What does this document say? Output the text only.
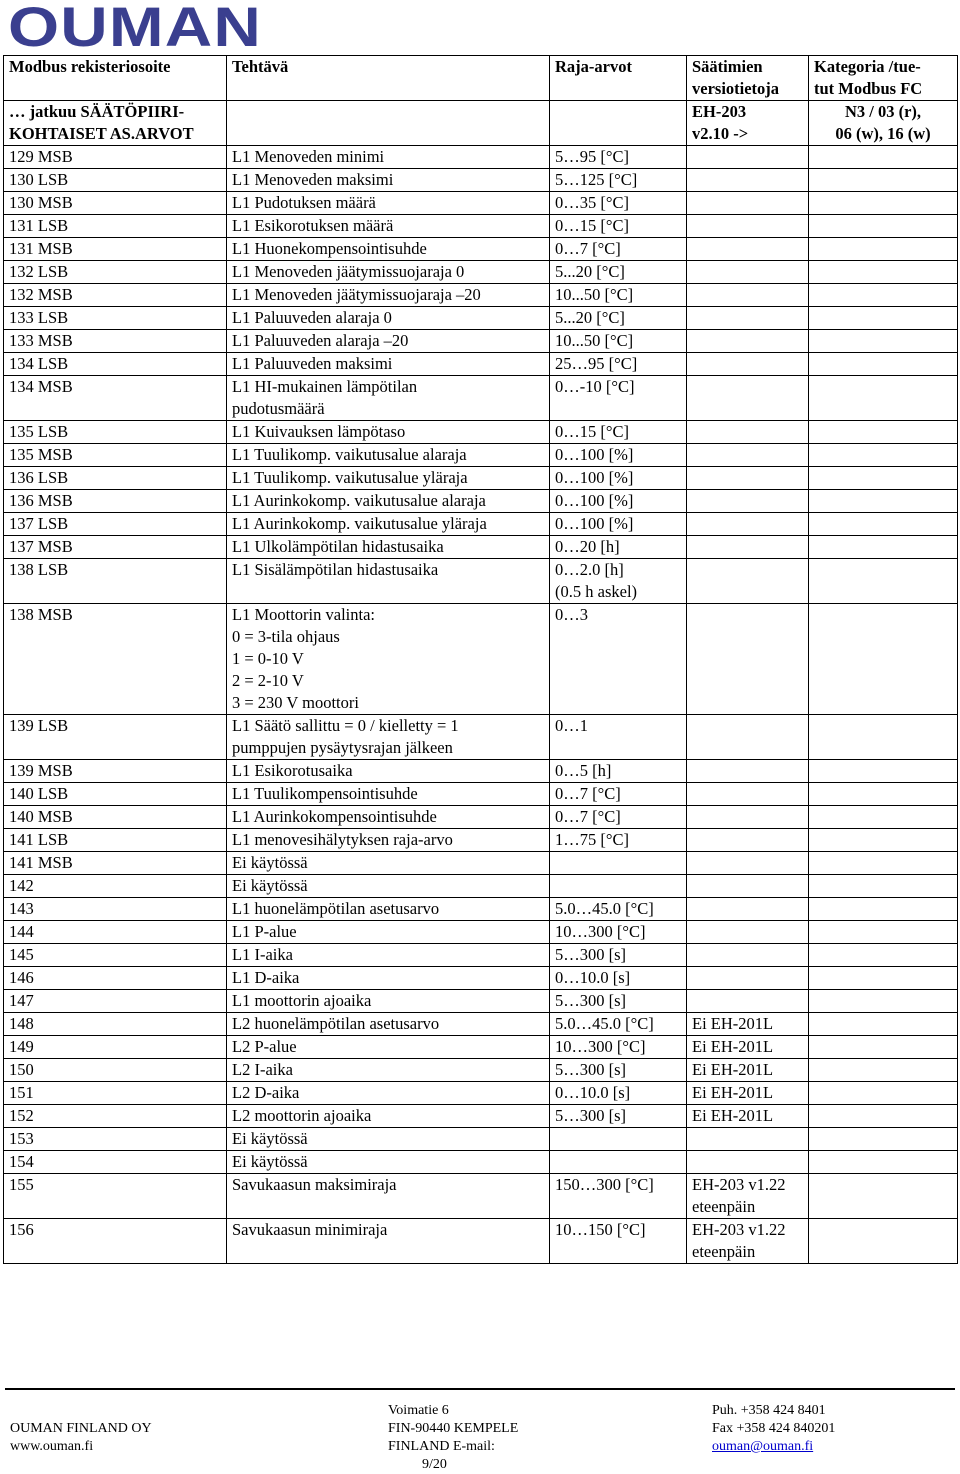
OUMAN
Modbus rekisteriosoite	Tehtävä	Raja-arvot	Säätimien
versiotietoja	Kategoria /tue-
tut Modbus FC

… jatkuu SÄÄTÖPIIRI-
KOHTAISET AS.ARVOT			EH-203
v2.10 ->	N3 / 03 (r),
06 (w), 16 (w)

129 MSB	L1 Menoveden minimi	5…95 [°C]		

130 LSB	L1 Menoveden maksimi	5…125 [°C]		

130 MSB	L1 Pudotuksen määrä	0…35 [°C]		

131 LSB	L1 Esikorotuksen määrä	0…15 [°C]		

131 MSB	L1 Huonekompensointisuhde	0…7 [°C]		

132 LSB	L1 Menoveden jäätymissuojaraja 0	5...20 [°C]		

132 MSB	L1 Menoveden jäätymissuojaraja –20	10...50 [°C]		

133 LSB	L1 Paluuveden alaraja 0	5...20 [°C]		

133 MSB	L1 Paluuveden alaraja –20	10...50 [°C]		

134 LSB	L1 Paluuveden maksimi	25…95 [°C]		

134 MSB	L1 HI-mukainen lämpötilan
pudotusmäärä	0…-10 [°C]		

135 LSB	L1 Kuivauksen lämpötaso	0…15 [°C]		

135 MSB	L1 Tuulikomp. vaikutusalue alaraja	0…100 [%]		

136 LSB	L1 Tuulikomp. vaikutusalue yläraja	0…100 [%]		

136 MSB	L1 Aurinkokomp. vaikutusalue alaraja	0…100 [%]		

137 LSB	L1 Aurinkokomp. vaikutusalue yläraja	0…100 [%]		

137 MSB	L1 Ulkolämpötilan hidastusaika	0…20 [h]		

138 LSB	L1 Sisälämpötilan hidastusaika	0…2.0 [h]
(0.5 h askel)		

138 MSB	L1 Moottorin valinta:
0 = 3-tila ohjaus
1 = 0-10 V
2 = 2-10 V
3 = 230 V moottori	0…3		

139 LSB	L1 Säätö sallittu = 0 / kielletty = 1
pumppujen pysäytysrajan jälkeen	0…1		

139 MSB	L1 Esikorotusaika	0…5 [h]		

140 LSB	L1 Tuulikompensointisuhde	0…7 [°C]		

140 MSB	L1 Aurinkokompensointisuhde	0…7 [°C]		

141 LSB	L1 menovesihälytyksen raja-arvo	1…75 [°C]		

141 MSB	Ei käytössä			

142	Ei käytössä			

143	L1 huonelämpötilan asetusarvo	5.0…45.0 [°C]		

144	L1 P-alue	10…300 [°C]		

145	L1 I-aika	5…300 [s]		

146	L1 D-aika	0…10.0 [s]		

147	L1 moottorin ajoaika	5…300 [s]		

148	L2 huonelämpötilan asetusarvo	5.0…45.0 [°C]	Ei EH-201L	

149	L2 P-alue	10…300 [°C]	Ei EH-201L	

150	L2 I-aika	5…300 [s]	Ei EH-201L	

151	L2 D-aika	0…10.0 [s]	Ei EH-201L	

152	L2 moottorin ajoaika	5…300 [s]	Ei EH-201L	

153	Ei käytössä			

154	Ei käytössä			

155	Savukaasun maksimiraja	150…300 [°C]	EH-203 v1.22
eteenpäin	

156	Savukaasun minimiraja	10…150 [°C]	EH-203 v1.22
eteenpäin	

OUMAN FINLAND OY
www.ouman.fi
Voimatie 6
FIN-90440 KEMPELE
FINLAND E-mail:
9/20
Puh. +358 424 8401
Fax +358 424 840201
ouman@ouman.fi
